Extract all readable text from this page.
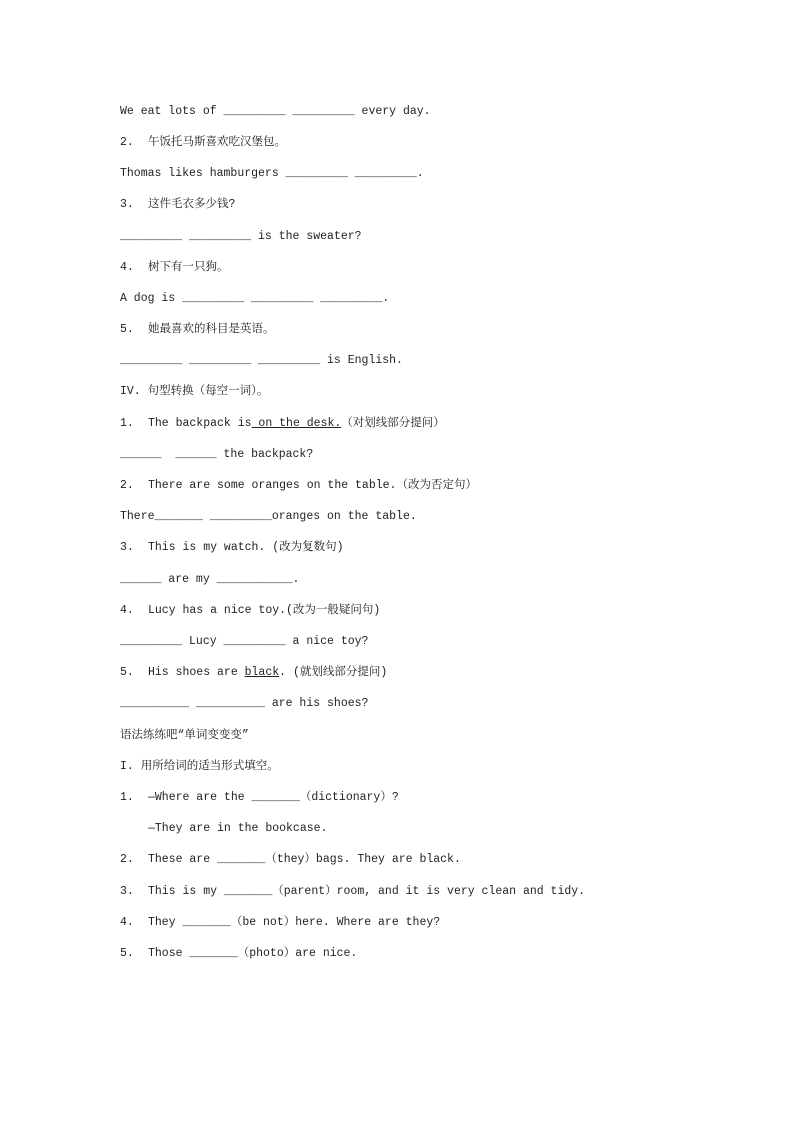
We eat lots of _________ _________ every day.
2. 午饭托马斯喜欢吃汉堡包。
Thomas likes hamburgers _________ _________.
3. 这件毛衣多少钱?
_________ _________ is the sweater?
4. 树下有一只狗。
A dog is _________ _________ _________.
5. 她最喜欢的科目是英语。
_________ _________ _________ is English.
IV. 句型转换（每空一词）。
1. The backpack is on the desk.（对划线部分提问）
______  ______ the backpack?
2. There are some oranges on the table.（改为否定句）
There_______ _________oranges on the table.
3. This is my watch. (改为复数句)
______ are my ___________.
4. Lucy has a nice toy.(改为一般疑问句)
_________ Lucy _________ a nice toy?
5. His shoes are black. (就划线部分提问)
__________ __________ are his shoes?
语法练练吧“单词变变变”
I. 用所给词的适当形式填空。
1. —Where are the _______（dictionary）?
—They are in the bookcase.
2. These are _______（they）bags. They are black.
3. This is my _______（parent）room, and it is very clean and tidy.
4. They _______（be not）here. Where are they?
5. Those _______（photo）are nice.
